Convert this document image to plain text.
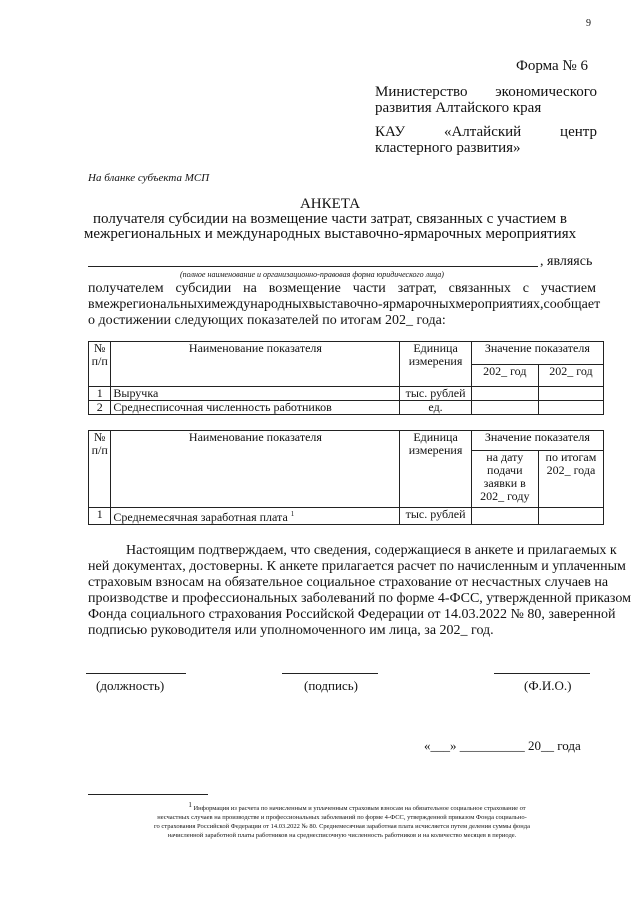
9
Форма № 6
Министерство экономического
развития Алтайского края
КАУ	«Алтайский	центр
кластерного развития»
На бланке субъекта МСП
АНКЕТА
получателя субсидии на возмещение части затрат, связанных с участием в
межрегиональных и международных выставочно-ярмарочных мероприятиях
, являясь
(полное наименование и организационно-правовая форма юридического лица)
получателем субсидии на возмещение части затрат, связанных с участием
в межрегиональных и международных выставочно-ярмарочных мероприятиях, сообщает
о достижении следующих показателей по итогам 202_ года:
№ п/п	Наименование показателя	Единица измерения	Значение показателя	
			202_ год	202_ год
1	Выручка	тыс. рублей		
2	Среднесписочная численность работников	ед.		
№ п/п	Наименование показателя	Единица измерения	Значение показателя	
			на дату подачи заявки в 202_ году	по итогам 202_ года
1	Среднемесячная заработная плата $^1$	тыс. рублей		
Настоящим подтверждаем, что сведения, содержащиеся в анкете и прилагаемых к
ней документах, достоверны. К анкете прилагается расчет по начисленным и уплаченным
страховым взносам на обязательное социальное страхование от несчастных случаев на
производстве и профессиональных заболеваний по форме 4-ФСС, утвержденной приказом
Фонда социального страхования Российской Федерации от 14.03.2022 № 80, заверенной
подписью руководителя или уполномоченного им лица, за 202_ год.
(должность)	(подпись)	(Ф.И.О.)
«___» __________ 20__ года
$^1$ Информация из расчета по начисленным и уплаченным страховым взносам на обязательное социальное страхование от
несчастных случаев на производстве и профессиональных заболеваний по форме 4-ФСС, утвержденной приказом Фонда социально-
го страхования Российской Федерации от 14.03.2022 № 80. Среднемесячная заработная плата исчисляется путем деления суммы фонда
начисленной заработной платы работников на среднесписочную численность работников и на количество месяцев в периоде.
